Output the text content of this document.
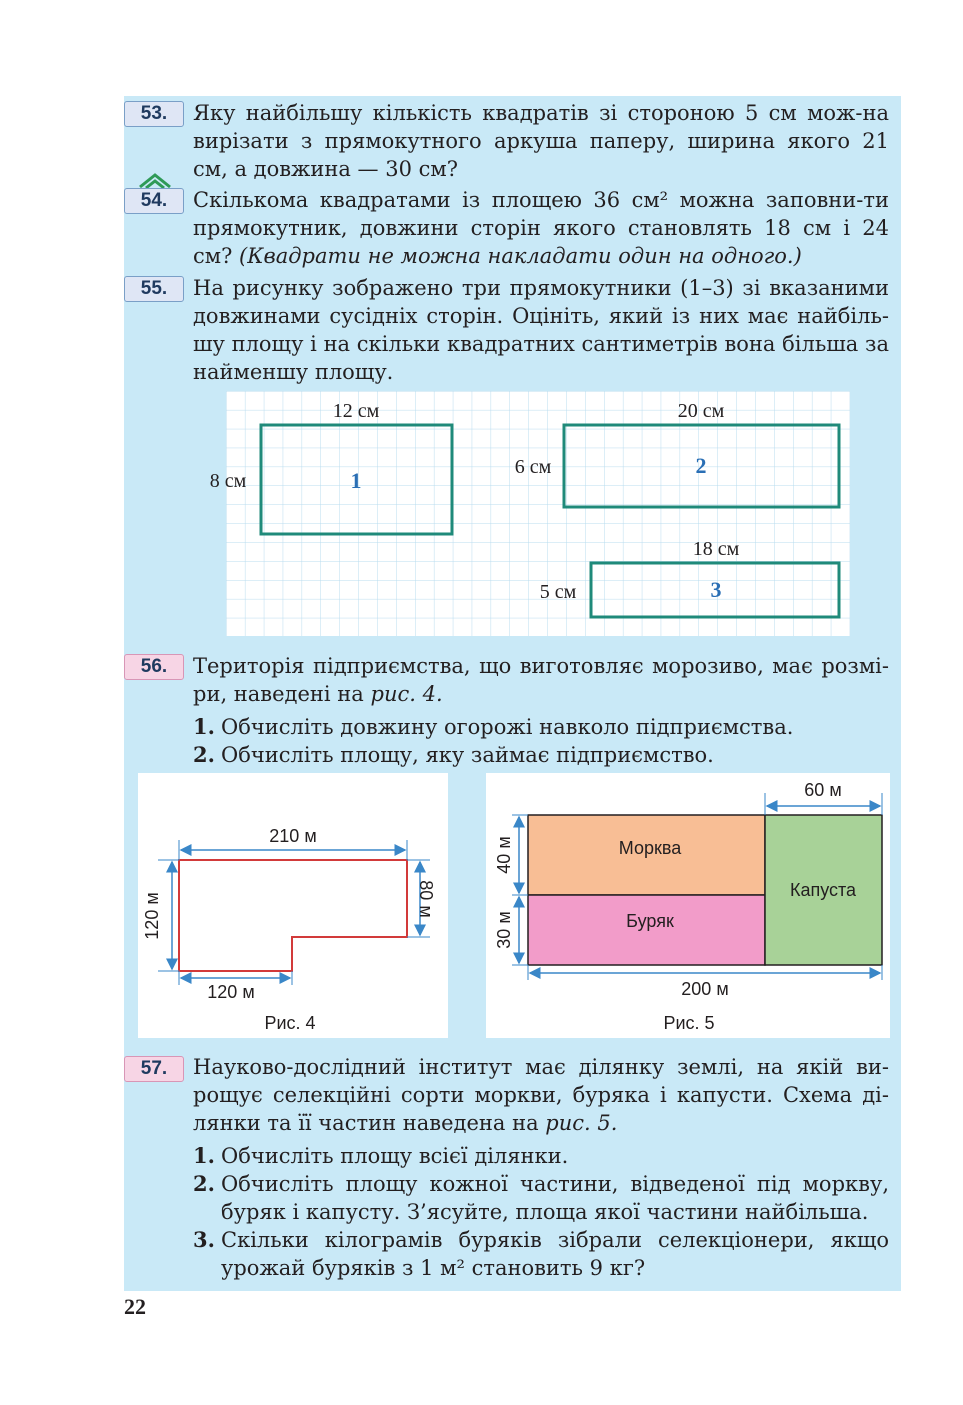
53.	Яку найбільшу кількість квадратів зі стороною 5 см мож-на вирізати з прямокутного аркуша паперу, ширина якого 21 см, а довжина — 30 см?
54.	Скількома квадратами із площею 36 см² можна заповни-ти прямокутник, довжини сторін якого становлять 18 см і 24 см? (Квадрати не можна накладати один на одного.)
55.	На рисунку зображено три прямокутники (1–3) зі вказаними довжинами сусідніх сторін. Оцініть, який із них має найбіль-шу площу і на скільки квадратних сантиметрів вона більша за найменшу площу.
12 см
8 см	1
20 см
6 см	2
18 см
5 см	3
56.	Територія підприємства, що виготовляє морозиво, має розмі-ри, наведені на рис. 4.
1. Обчисліть довжину огорожі навколо підприємства.
2. Обчисліть площу, яку займає підприємство.
210 м
120 м	80 м
120 м
Рис. 4
60 м
40 м
30 м
200 м
Морква
Буряк
Капуста
Рис. 5
57.	Науково-дослідний інститут має ділянку землі, на якій ви-рощує селекційні сорти моркви, буряка і капусти. Схема ді-лянки та її частин наведена на рис. 5.
1. Обчисліть площу всієї ділянки.
2. Обчисліть площу кожної частини, відведеної під моркву, буряк і капусту. З’ясуйте, площа якої частини найбільша.
3. Скільки кілограмів буряків зібрали селекціонери, якщо урожай буряків з 1 м² становить 9 кг?
22
